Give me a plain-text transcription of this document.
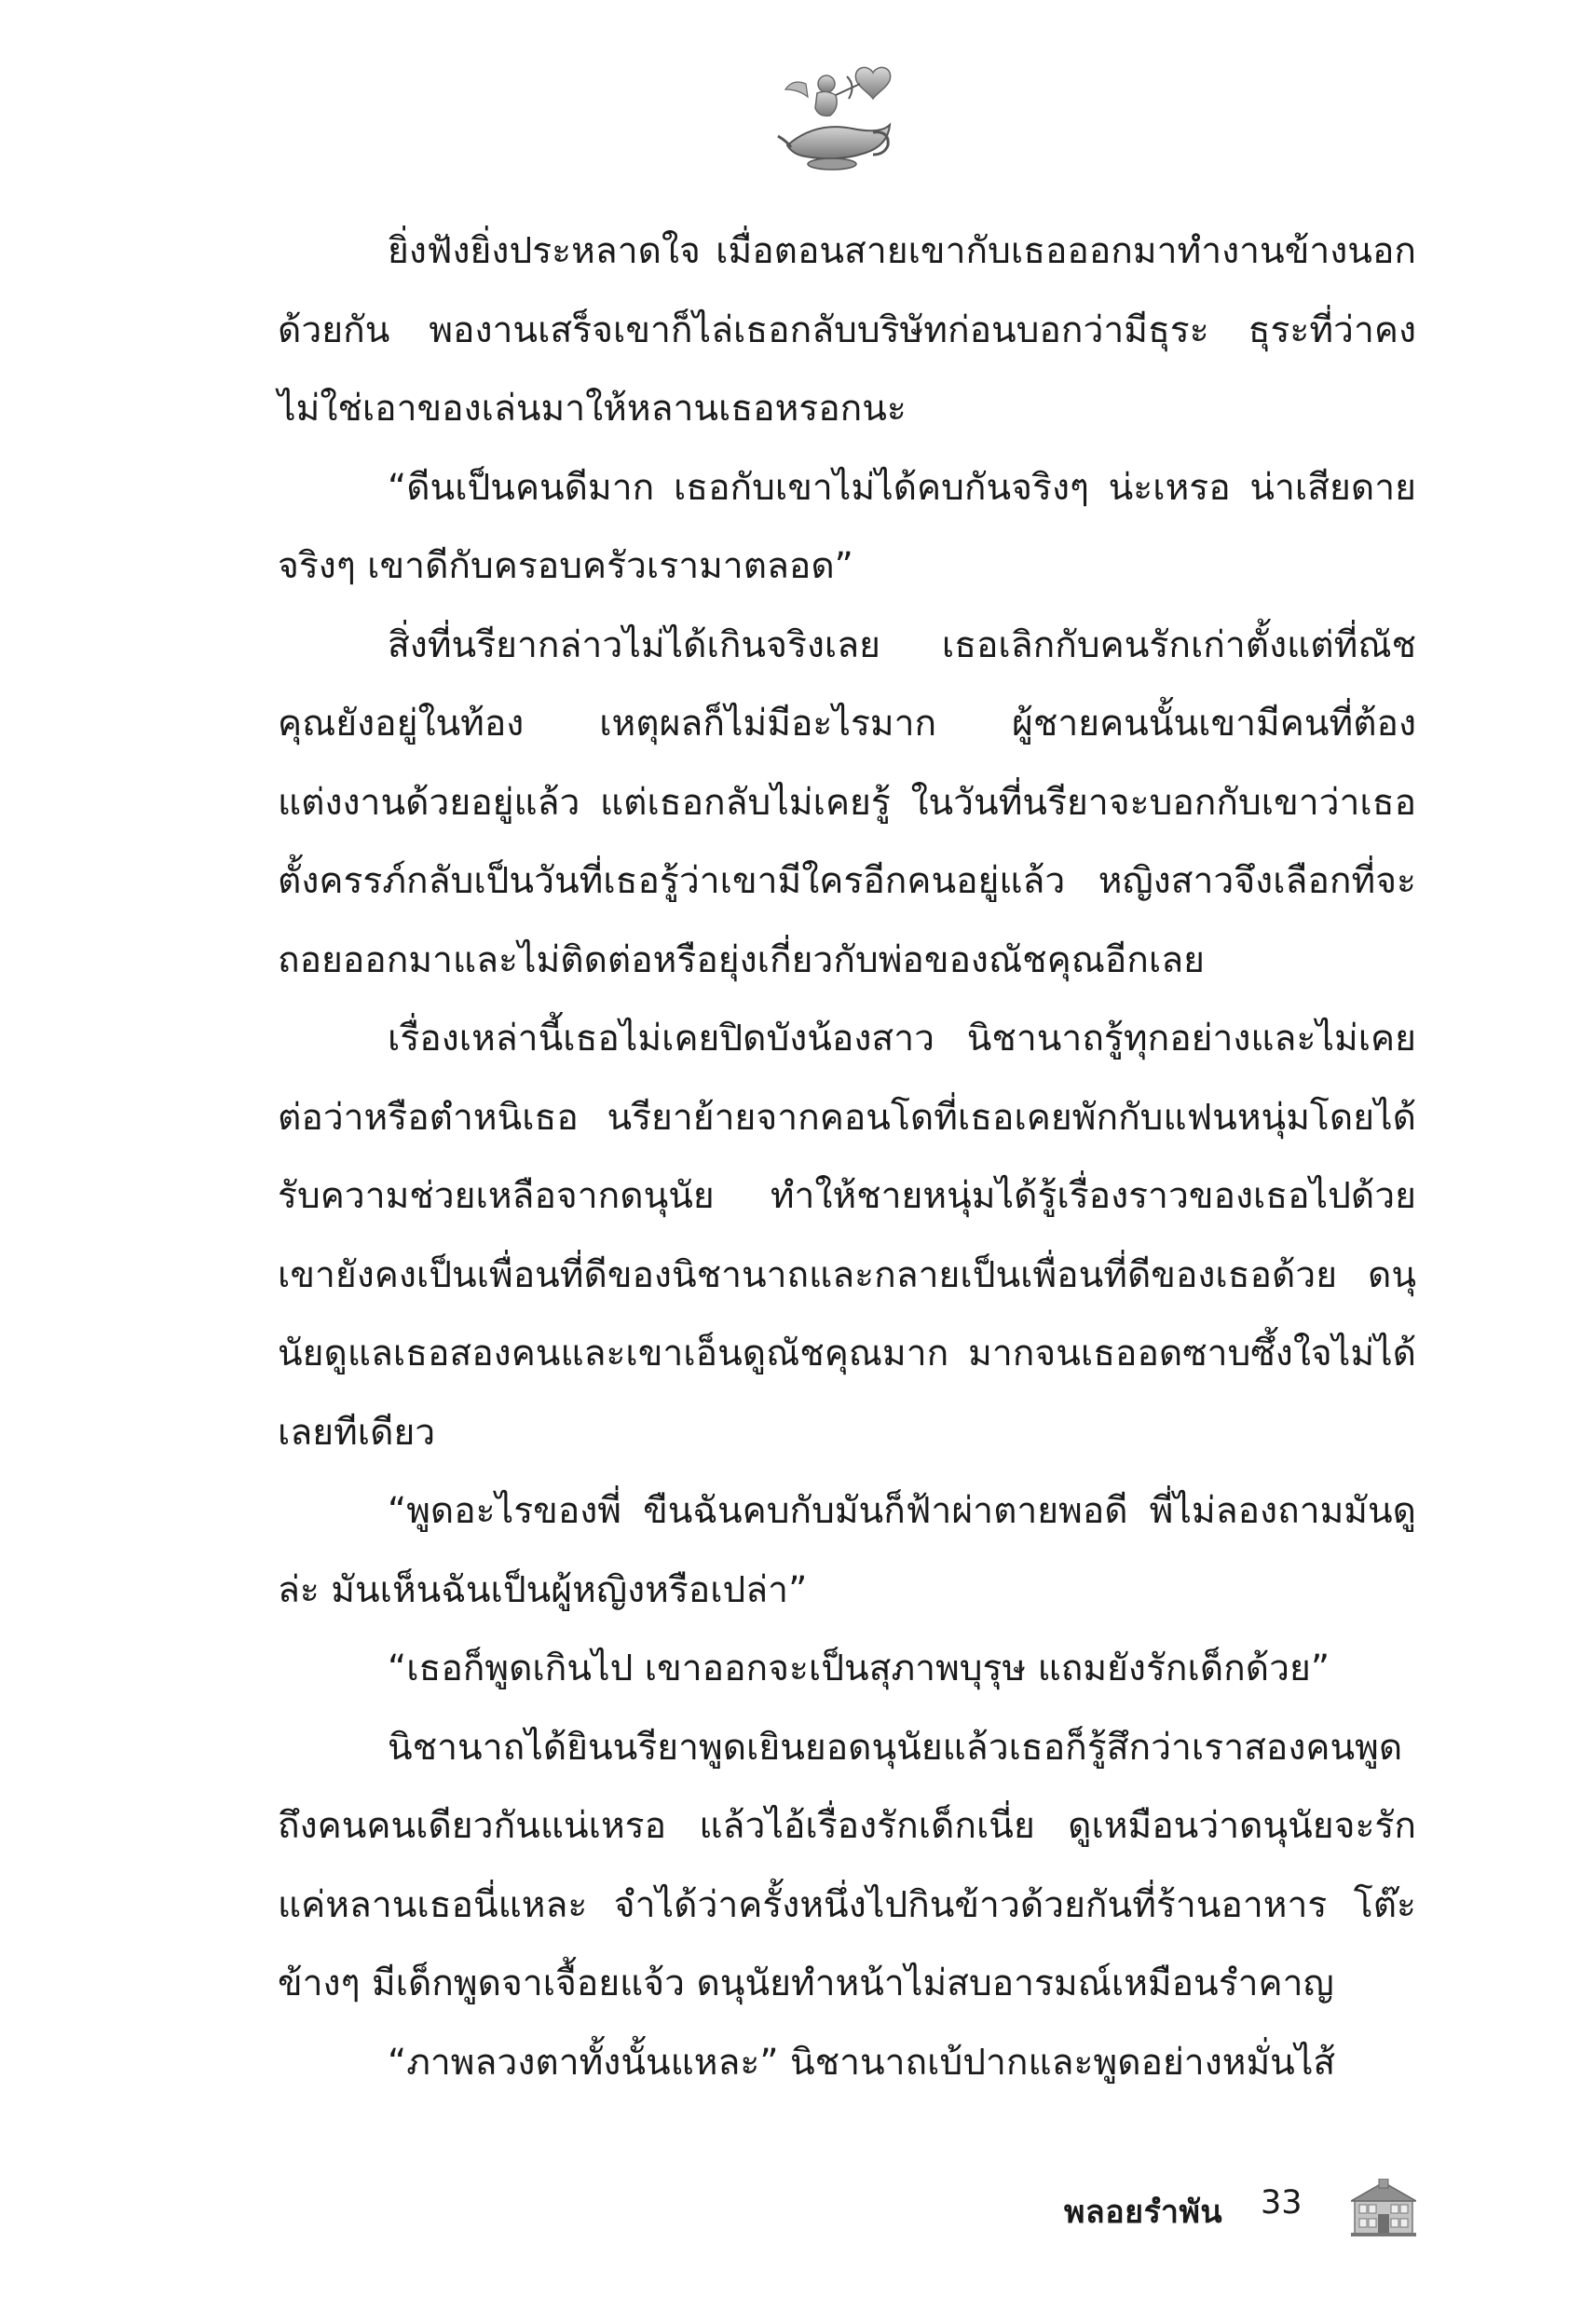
ยิ่งฟังยิ่งประหลาดใจ เมื่อตอนสายเขากับเธอออกมาทำงานข้างนอกด้วยกัน พองานเสร็จเขาก็ไล่เธอกลับบริษัทก่อนบอกว่ามีธุระ ธุระที่ว่าคงไม่ใช่เอาของเล่นมาให้หลานเธอหรอกนะ

“ดีนเป็นคนดีมาก เธอกับเขาไม่ได้คบกันจริงๆ น่ะเหรอ น่าเสียดายจริงๆ เขาดีกับครอบครัวเรามาตลอด”

สิ่งที่นรียากล่าวไม่ได้เกินจริงเลย เธอเลิกกับคนรักเก่าตั้งแต่ที่ณัชคุณยังอยู่ในท้อง เหตุผลก็ไม่มีอะไรมาก ผู้ชายคนนั้นเขามีคนที่ต้องแต่งงานด้วยอยู่แล้ว แต่เธอกลับไม่เคยรู้ ในวันที่นรียาจะบอกกับเขาว่าเธอตั้งครรภ์กลับเป็นวันที่เธอรู้ว่าเขามีใครอีกคนอยู่แล้ว หญิงสาวจึงเลือกที่จะถอยออกมาและไม่ติดต่อหรือยุ่งเกี่ยวกับพ่อของณัชคุณอีกเลย

เรื่องเหล่านี้เธอไม่เคยปิดบังน้องสาว นิชานาถรู้ทุกอย่างและไม่เคยต่อว่าหรือตำหนิเธอ นรียาย้ายจากคอนโดที่เธอเคยพักกับแฟนหนุ่มโดยได้รับความช่วยเหลือจากดนุนัย ทำให้ชายหนุ่มได้รู้เรื่องราวของเธอไปด้วย เขายังคงเป็นเพื่อนที่ดีของนิชานาถและกลายเป็นเพื่อนที่ดีของเธอด้วย ดนุนัยดูแลเธอสองคนและเขาเอ็นดูณัชคุณมาก มากจนเธออดซาบซึ้งใจไม่ได้เลยทีเดียว

“พูดอะไรของพี่ ขืนฉันคบกับมันก็ฟ้าผ่าตายพอดี พี่ไม่ลองถามมันดูล่ะ มันเห็นฉันเป็นผู้หญิงหรือเปล่า”

“เธอก็พูดเกินไป เขาออกจะเป็นสุภาพบุรุษ แถมยังรักเด็กด้วย”

นิชานาถได้ยินนรียาพูดเยินยอดนุนัยแล้วเธอก็รู้สึกว่าเราสองคนพูดถึงคนคนเดียวกันแน่เหรอ แล้วไอ้เรื่องรักเด็กเนี่ย ดูเหมือนว่าดนุนัยจะรักแค่หลานเธอนี่แหละ จำได้ว่าครั้งหนึ่งไปกินข้าวด้วยกันที่ร้านอาหาร โต๊ะข้างๆ มีเด็กพูดจาเจื้อยแจ้ว ดนุนัยทำหน้าไม่สบอารมณ์เหมือนรำคาญ

“ภาพลวงตาทั้งนั้นแหละ” นิชานาถเบ้ปากและพูดอย่างหมั่นไส้

พลอยรำพัน 33
